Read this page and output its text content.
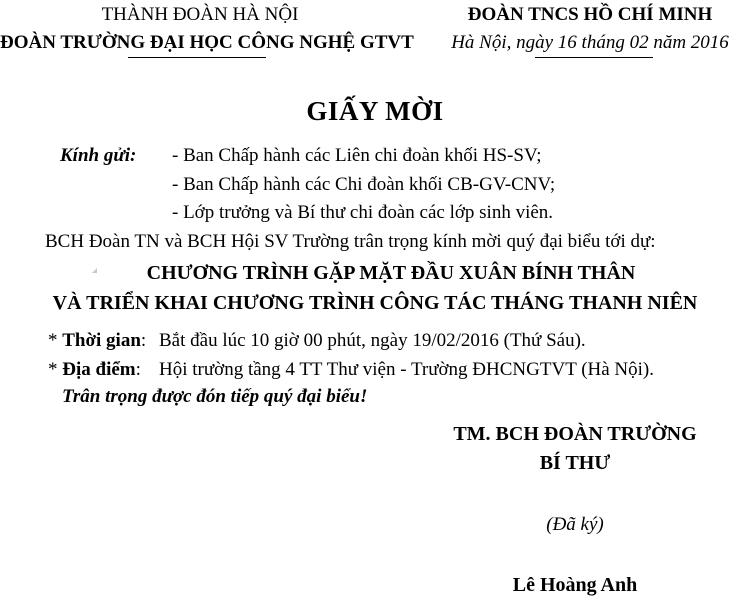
THÀNH ĐOÀN HÀ NỘI
ĐOÀN TRƯỜNG ĐẠI HỌC CÔNG NGHỆ GTVT
ĐOÀN TNCS HỒ CHÍ MINH
Hà Nội, ngày 16 tháng 02 năm 2016
GIẤY MỜI
Kính gửi: - Ban Chấp hành các Liên chi đoàn khối HS-SV;
- Ban Chấp hành các Chi đoàn khối CB-GV-CNV;
- Lớp trưởng và Bí thư chi đoàn các lớp sinh viên.
BCH Đoàn TN và BCH Hội SV Trường trân trọng kính mời quý đại biểu tới dự:
CHƯƠNG TRÌNH GẶP MẶT ĐẦU XUÂN BÍNH THÂN
VÀ TRIỂN KHAI CHƯƠNG TRÌNH CÔNG TÁC THÁNG THANH NIÊN
* Thời gian: Bắt đầu lúc 10 giờ 00 phút, ngày 19/02/2016 (Thứ Sáu).
* Địa điểm: Hội trường tầng 4 TT Thư viện - Trường ĐHCNGTVT (Hà Nội).
Trân trọng được đón tiếp quý đại biểu!
TM. BCH ĐOÀN TRƯỜNG
BÍ THƯ
(Đã ký)
Lê Hoàng Anh
